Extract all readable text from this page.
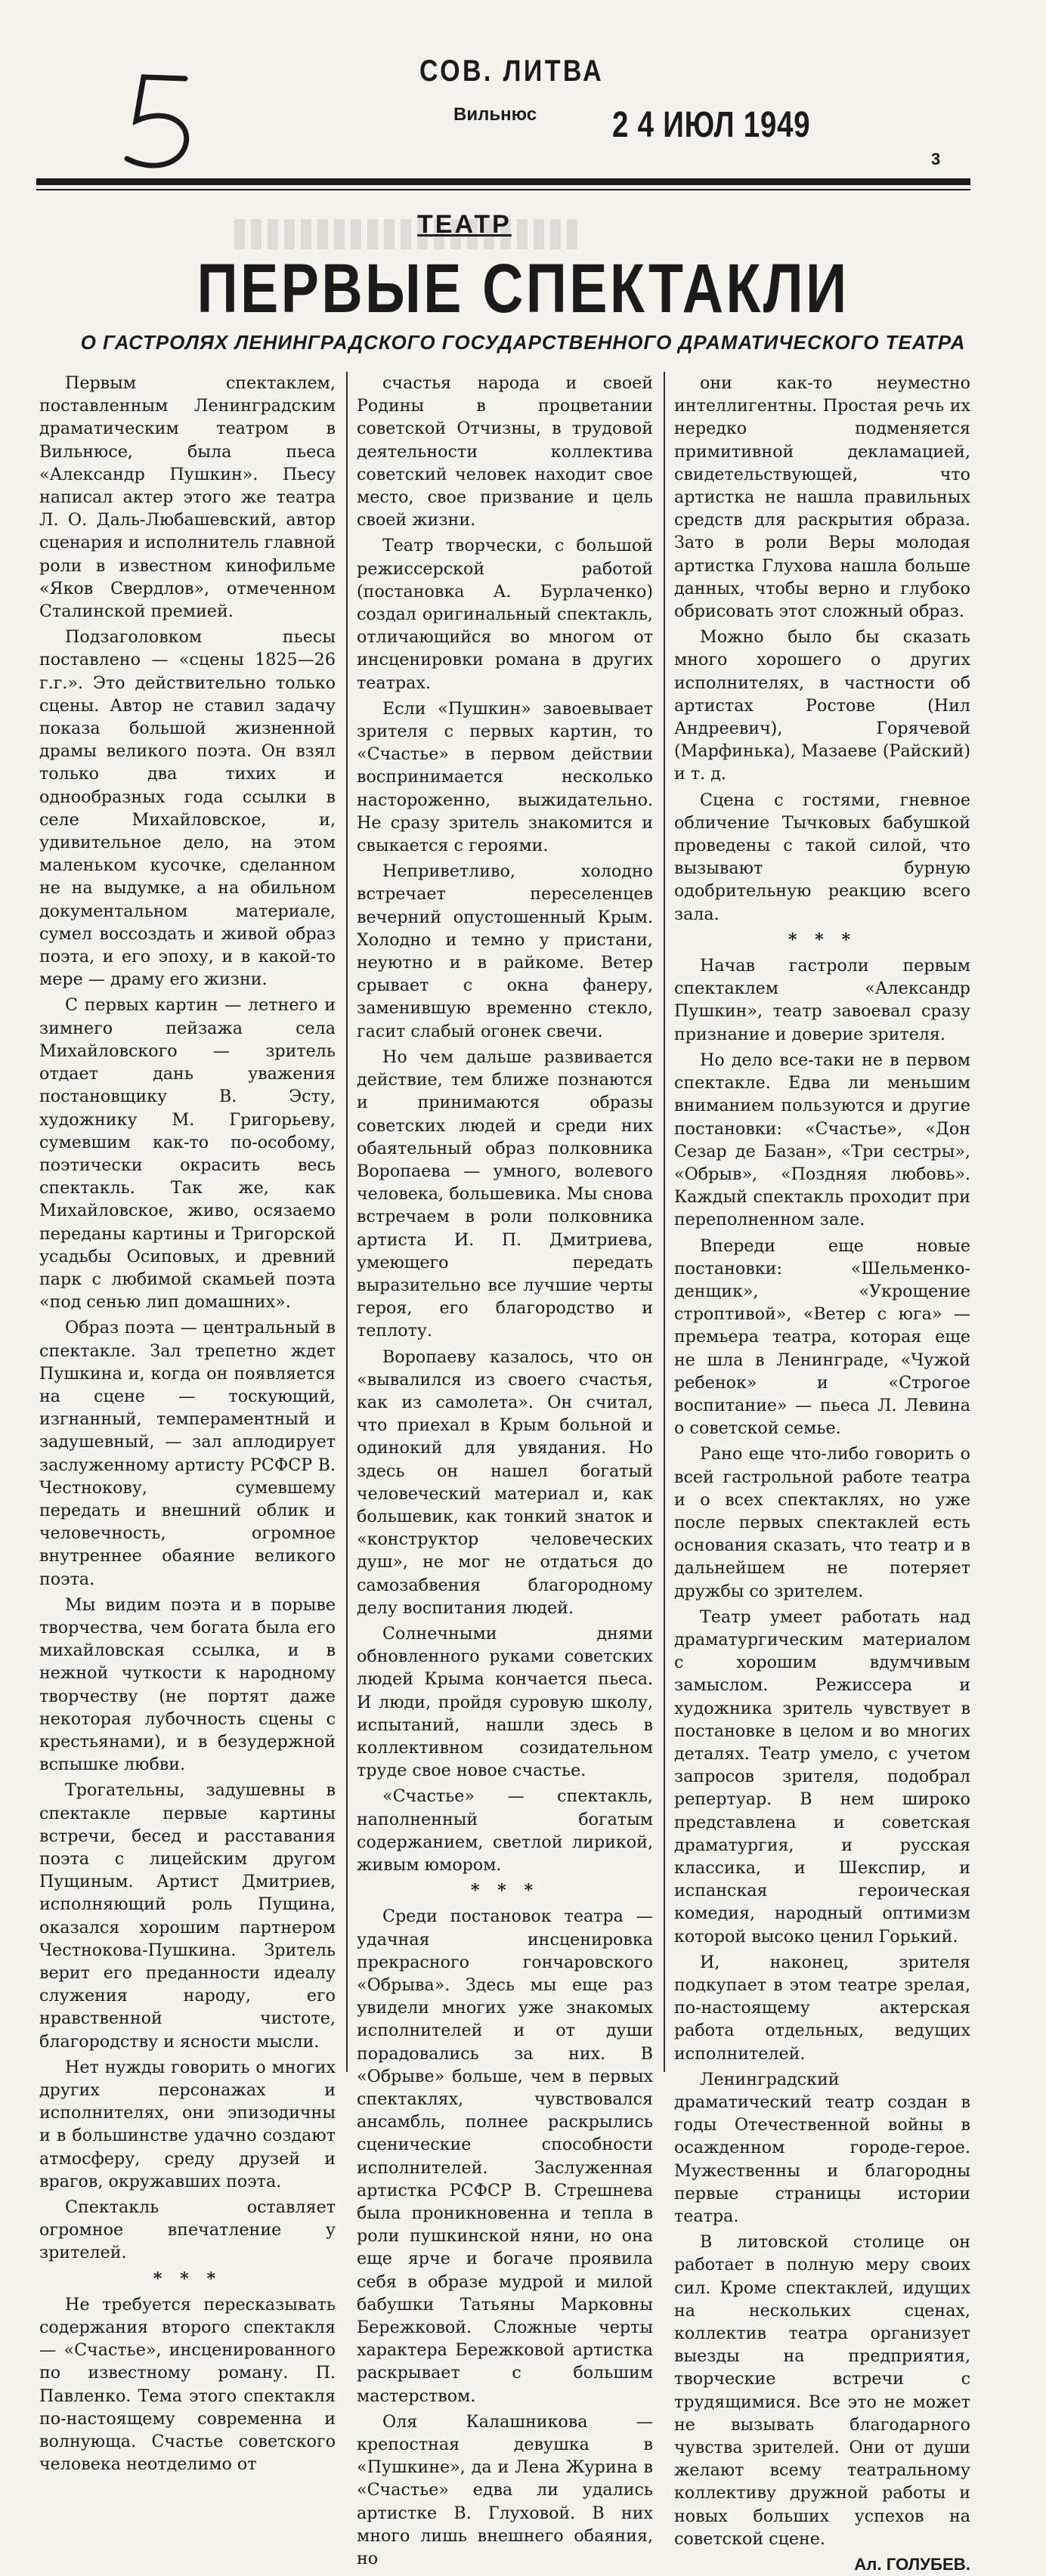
СОВ. ЛИТВА
Вильнюс 2 4 ИЮЛ 1949
3
ТЕАТР
ПЕРВЫЕ СПЕКТАКЛИ
О ГАСТРОЛЯХ ЛЕНИНГРАДСКОГО ГОСУДАРСТВЕННОГО ДРАМАТИЧЕСКОГО ТЕАТРА

Первым спектаклем, поставленным Ленинградским драматическим театром в Вильнюсе, была пьеса «Александр Пушкин». Пьесу написал актер этого же театра Л. О. Даль-Любашевский, автор сценария и исполнитель главной роли в известном кинофильме «Яков Свердлов», отмеченном Сталинской премией.

Подзаголовком пьесы поставлено — «сцены 1825—26 г.г.». Это действительно только сцены. Автор не ставил задачу показа большой жизненной драмы великого поэта. Он взял только два тихих и однообразных года ссылки в селе Михайловское, и, удивительное дело, на этом маленьком кусочке, сделанном не на выдумке, а на обильном документальном материале, сумел воссоздать и живой образ поэта, и его эпоху, и в какой-то мере — драму его жизни.

С первых картин — летнего и зимнего пейзажа села Михайловского — зритель отдает дань уважения постановщику В. Эсту, художнику М. Григорьеву, сумевшим как-то по-особому, поэтически окрасить весь спектакль. Так же, как Михайловское, живо, осязаемо переданы картины и Тригорской усадьбы Осиповых, и древний парк с любимой скамьей поэта «под сенью лип домашних».

Образ поэта — центральный в спектакле. Зал трепетно ждет Пушкина и, когда он появляется на сцене — тоскующий, изгнанный, темпераментный и задушевный, — зал аплодирует заслуженному артисту РСФСР В. Честнокову, сумевшему передать и внешний облик и человечность, огромное внутреннее обаяние великого поэта.

Мы видим поэта и в порыве творчества, чем богата была его михайловская ссылка, и в нежной чуткости к народному творчеству (не портят даже некоторая лубочность сцены с крестьянами), и в безудержной вспышке любви.

Трогательны, задушевны в спектакле первые картины встречи, бесед и расставания поэта с лицейским другом Пущиным. Артист Дмитриев, исполняющий роль Пущина, оказался хорошим партнером Честнокова-Пушкина. Зритель верит его преданности идеалу служения народу, его нравственной чистоте, благородству и ясности мысли.

Нет нужды говорить о многих других персонажах и исполнителях, они эпизодичны и в большинстве удачно создают атмосферу, среду друзей и врагов, окружавших поэта.

Спектакль оставляет огромное впечатление у зрителей.

* * *

Не требуется пересказывать содержания второго спектакля — «Счастье», инсценированного по известному роману. П. Павленко. Тема этого спектакля по-настоящему современна и волнующа. Счастье советского человека неотделимо от

счастья народа и своей Родины в процветании советской Отчизны, в трудовой деятельности коллектива советский человек находит свое место, свое призвание и цель своей жизни.

Театр творчески, с большой режиссерской работой (постановка А. Бурлаченко) создал оригинальный спектакль, отличающийся во многом от инсценировки романа в других театрах.

Если «Пушкин» завоевывает зрителя с первых картин, то «Счастье» в первом действии воспринимается несколько настороженно, выжидательно. Не сразу зритель знакомится и свыкается с героями.

Неприветливо, холодно встречает переселенцев вечерний опустошенный Крым. Холодно и темно у пристани, неуютно и в райкоме. Ветер срывает с окна фанеру, заменившую временно стекло, гасит слабый огонек свечи.

Но чем дальше развивается действие, тем ближе познаются и принимаются образы советских людей и среди них обаятельный образ полковника Воропаева — умного, волевого человека, большевика. Мы снова встречаем в роли полковника артиста И. П. Дмитриева, умеющего передать выразительно все лучшие черты героя, его благородство и теплоту.

Воропаеву казалось, что он «вывалился из своего счастья, как из самолета». Он считал, что приехал в Крым больной и одинокий для увядания. Но здесь он нашел богатый человеческий материал и, как большевик, как тонкий знаток и «конструктор человеческих душ», не мог не отдаться до самозабвения благородному делу воспитания людей.

Солнечными днями обновленного руками советских людей Крыма кончается пьеса. И люди, пройдя суровую школу, испытаний, нашли здесь в коллективном созидательном труде свое новое счастье.

«Счастье» — спектакль, наполненный богатым содержанием, светлой лирикой, живым юмором.

* * *

Среди постановок театра — удачная инсценировка прекрасного гончаровского «Обрыва». Здесь мы еще раз увидели многих уже знакомых исполнителей и от души порадовались за них. В «Обрыве» больше, чем в первых спектаклях, чувствовался ансамбль, полнее раскрылись сценические способности исполнителей. Заслуженная артистка РСФСР В. Стрешнева была проникновенна и тепла в роли пушкинской няни, но она еще ярче и богаче проявила себя в образе мудрой и милой бабушки Татьяны Марковны Бережковой. Сложные черты характера Бережковой артистка раскрывает с большим мастерством.

Оля Калашникова — крепостная девушка в «Пушкине», да и Лена Журина в «Счастье» едва ли удались артистке В. Глуховой. В них много лишь внешнего обаяния, но

они как-то неуместно интеллигентны. Простая речь их нередко подменяется примитивной декламацией, свидетельствующей, что артистка не нашла правильных средств для раскрытия образа. Зато в роли Веры молодая артистка Глухова нашла больше данных, чтобы верно и глубоко обрисовать этот сложный образ.

Можно было бы сказать много хорошего о других исполнителях, в частности об артистах Ростове (Нил Андреевич), Горячевой (Марфинька), Мазаеве (Райский) и т. д.

Сцена с гостями, гневное обличение Тычковых бабушкой проведены с такой силой, что вызывают бурную одобрительную реакцию всего зала.

* * *

Начав гастроли первым спектаклем «Александр Пушкин», театр завоевал сразу признание и доверие зрителя.

Но дело все-таки не в первом спектакле. Едва ли меньшим вниманием пользуются и другие постановки: «Счастье», «Дон Сезар де Базан», «Три сестры», «Обрыв», «Поздняя любовь». Каждый спектакль проходит при переполненном зале.

Впереди еще новые постановки: «Шельменко-денщик», «Укрощение строптивой», «Ветер с юга» — премьера театра, которая еще не шла в Ленинграде, «Чужой ребенок» и «Строгое воспитание» — пьеса Л. Левина о советской семье.

Рано еще что-либо говорить о всей гастрольной работе театра и о всех спектаклях, но уже после первых спектаклей есть основания сказать, что театр и в дальнейшем не потеряет дружбы со зрителем.

Театр умеет работать над драматургическим материалом с хорошим вдумчивым замыслом. Режиссера и художника зритель чувствует в постановке в целом и во многих деталях. Театр умело, с учетом запросов зрителя, подобрал репертуар. В нем широко представлена и советская драматургия, и русская классика, и Шекспир, и испанская героическая комедия, народный оптимизм которой высоко ценил Горький.

И, наконец, зрителя подкупает в этом театре зрелая, по-настоящему актерская работа отдельных, ведущих исполнителей.

Ленинградский драматический театр создан в годы Отечественной войны в осажденном городе-герое. Мужественны и благородны первые страницы истории театра.

В литовской столице он работает в полную меру своих сил. Кроме спектаклей, идущих на нескольких сценах, коллектив театра организует выезды на предприятия, творческие встречи с трудящимися. Все это не может не вызывать благодарного чувства зрителей. Они от души желают всему театральному коллективу дружной работы и новых больших успехов на советской сцене.

Ал. ГОЛУБЕВ.
